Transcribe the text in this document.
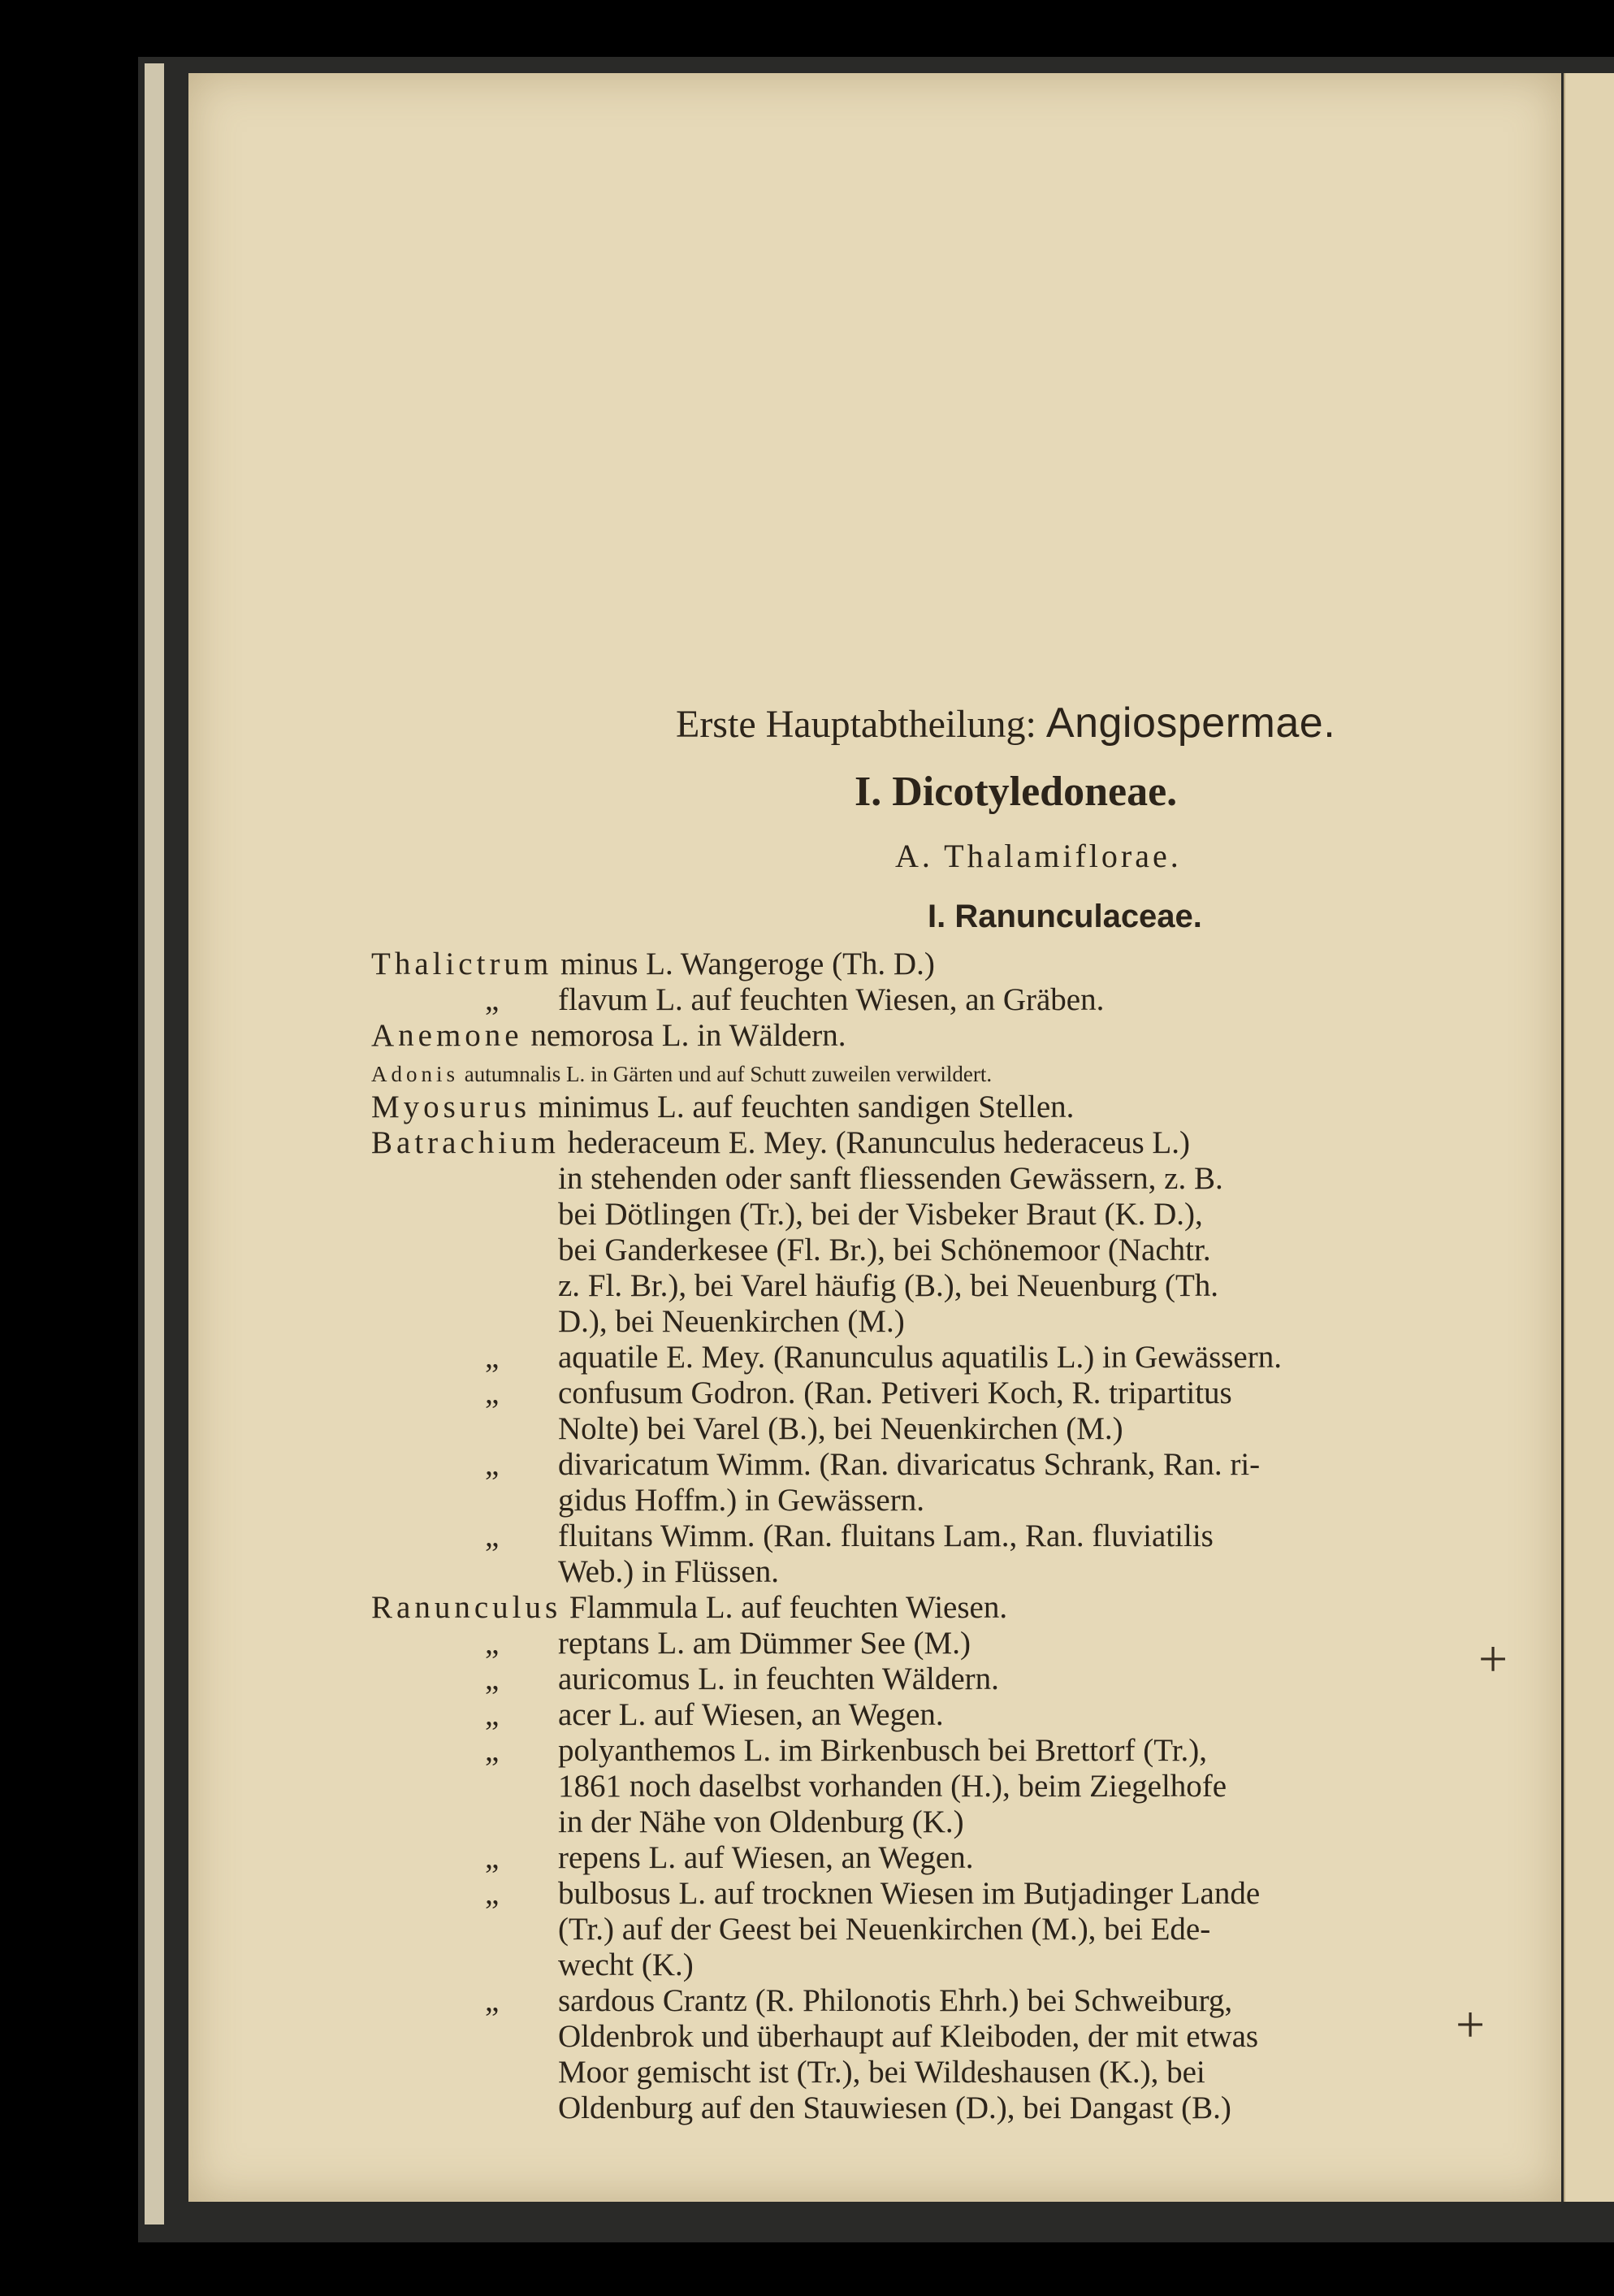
Erste Hauptabtheilung: Angiospermae.
I. Dicotyledoneae.
A. Thalamiflorae.
I. Ranunculaceae.
Thalictrum minus L. Wangeroge (Th. D.)
„ flavum L. auf feuchten Wiesen, an Gräben.
Anemone nemorosa L. in Wäldern.
Adonis autumnalis L. in Gärten und auf Schutt zuweilen verwildert.
Myosurus minimus L. auf feuchten sandigen Stellen.
Batrachium hederaceum E. Mey. (Ranunculus hederaceus L.)
in stehenden oder sanft fliessenden Gewässern, z. B.
bei Dötlingen (Tr.), bei der Visbeker Braut (K. D.),
bei Ganderkesee (Fl. Br.), bei Schönemoor (Nachtr.
z. Fl. Br.), bei Varel häufig (B.), bei Neuenburg (Th.
D.), bei Neuenkirchen (M.)
„ aquatile E. Mey. (Ranunculus aquatilis L.) in Gewässern.
„ confusum Godron. (Ran. Petiveri Koch, R. tripartitus
Nolte) bei Varel (B.), bei Neuenkirchen (M.)
„ divaricatum Wimm. (Ran. divaricatus Schrank, Ran. ri-
gidus Hoffm.) in Gewässern.
„ fluitans Wimm. (Ran. fluitans Lam., Ran. fluviatilis
Web.) in Flüssen.
Ranunculus Flammula L. auf feuchten Wiesen.
„ reptans L. am Dümmer See (M.)
„ auricomus L. in feuchten Wäldern.
„ acer L. auf Wiesen, an Wegen.
„ polyanthemos L. im Birkenbusch bei Brettorf (Tr.),
1861 noch daselbst vorhanden (H.), beim Ziegelhofe
in der Nähe von Oldenburg (K.)
„ repens L. auf Wiesen, an Wegen.
„ bulbosus L. auf trocknen Wiesen im Butjadinger Lande
(Tr.) auf der Geest bei Neuenkirchen (M.), bei Ede-
wecht (K.)
„ sardous Crantz (R. Philonotis Ehrh.) bei Schweiburg,
Oldenbrok und überhaupt auf Kleiboden, der mit etwas
Moor gemischt ist (Tr.), bei Wildeshausen (K.), bei
Oldenburg auf den Stauwiesen (D.), bei Dangast (B.)
+
+
